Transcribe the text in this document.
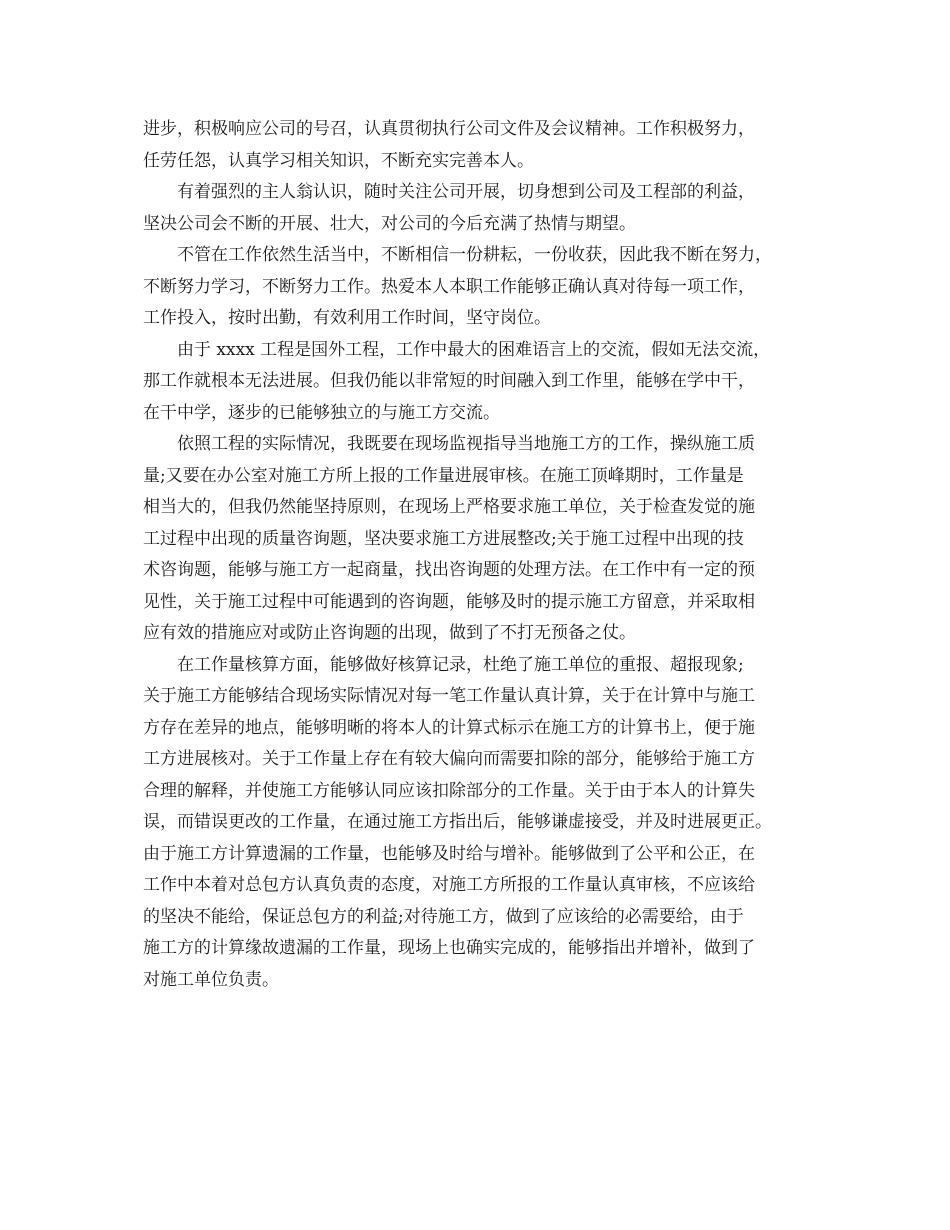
进步，积极响应公司的号召，认真贯彻执行公司文件及会议精神。工作积极努力，
任劳任怨，认真学习相关知识，不断充实完善本人。
有着强烈的主人翁认识，随时关注公司开展，切身想到公司及工程部的利益，
坚决公司会不断的开展、壮大，对公司的今后充满了热情与期望。
不管在工作依然生活当中，不断相信一份耕耘，一份收获，因此我不断在努力，
不断努力学习，不断努力工作。热爱本人本职工作能够正确认真对待每一项工作，
工作投入，按时出勤，有效利用工作时间，坚守岗位。
由于 xxxx 工程是国外工程，工作中最大的困难语言上的交流，假如无法交流，
那工作就根本无法进展。但我仍能以非常短的时间融入到工作里，能够在学中干，
在干中学，逐步的已能够独立的与施工方交流。
依照工程的实际情况，我既要在现场监视指导当地施工方的工作，操纵施工质
量;又要在办公室对施工方所上报的工作量进展审核。在施工顶峰期时，工作量是
相当大的，但我仍然能坚持原则，在现场上严格要求施工单位，关于检查发觉的施
工过程中出现的质量咨询题，坚决要求施工方进展整改;关于施工过程中出现的技
术咨询题，能够与施工方一起商量，找出咨询题的处理方法。在工作中有一定的预
见性，关于施工过程中可能遇到的咨询题，能够及时的提示施工方留意，并采取相
应有效的措施应对或防止咨询题的出现，做到了不打无预备之仗。
在工作量核算方面，能够做好核算记录，杜绝了施工单位的重报、超报现象;
关于施工方能够结合现场实际情况对每一笔工作量认真计算，关于在计算中与施工
方存在差异的地点，能够明晰的将本人的计算式标示在施工方的计算书上，便于施
工方进展核对。关于工作量上存在有较大偏向而需要扣除的部分，能够给于施工方
合理的解释，并使施工方能够认同应该扣除部分的工作量。关于由于本人的计算失
误，而错误更改的工作量，在通过施工方指出后，能够谦虚接受，并及时进展更正。
由于施工方计算遗漏的工作量，也能够及时给与增补。能够做到了公平和公正，在
工作中本着对总包方认真负责的态度，对施工方所报的工作量认真审核，不应该给
的坚决不能给，保证总包方的利益;对待施工方，做到了应该给的必需要给，由于
施工方的计算缘故遗漏的工作量，现场上也确实完成的，能够指出并增补，做到了
对施工单位负责。
